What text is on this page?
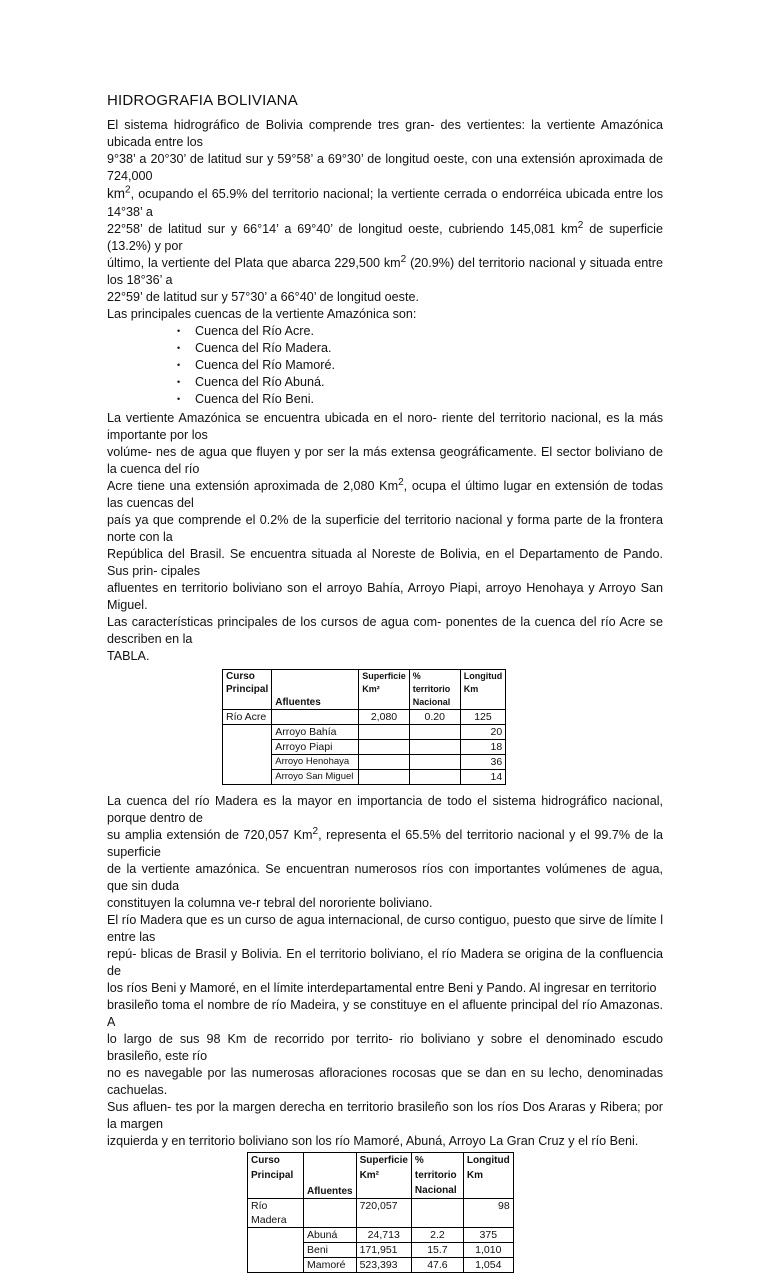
HIDROGRAFIA BOLIVIANA

El sistema hidrográfico de Bolivia comprende tres gran- des vertientes: la vertiente Amazónica ubicada entre los

9°38’ a 20°30’ de latitud sur y 59°58’ a 69°30’ de longitud oeste, con una extensión aproximada de 724,000

$km^2$, ocupando el 65.9% del territorio nacional; la vertiente cerrada o endorréica ubicada entre los 14°38’ a

22°58’ de latitud sur y 66°14’ a 69°40’ de longitud oeste, cubriendo 145,081 $km^2$ de superficie (13.2%) y por

último, la vertiente del Plata que abarca 229,500 $km^2$ (20.9%) del territorio nacional y situada entre los 18°36’ a

22°59’ de latitud sur y 57°30’ a 66°40’ de longitud oeste.

Las principales cuencas de la vertiente Amazónica son:

• Cuenca del Río Acre.
• Cuenca del Río Madera.
• Cuenca del Río Mamoré.
• Cuenca del Río Abuná.
• Cuenca del Río Beni.

La vertiente Amazónica se encuentra ubicada en el noro- riente del territorio nacional, es la más importante por los

volúme- nes de agua que fluyen y por ser la más extensa geográficamente. El sector boliviano de la cuenca del río

Acre tiene una extensión aproximada de 2,080 Km$^2$, ocupa el último lugar en extensión de todas las cuencas del

país ya que comprende el 0.2% de la superficie del territorio nacional y forma parte de la frontera norte con la

República del Brasil. Se encuentra situada al Noreste de Bolivia, en el Departamento de Pando. Sus prin- cipales

afluentes en territorio boliviano son el arroyo Bahía, Arroyo Piapi, arroyo Henohaya y Arroyo San Miguel.

Las características principales de los cursos de agua com- ponentes de la cuenca del río Acre se describen en la

TABLA.

Curso Principal	Afluentes	Superficie Km²	% territorio Nacional	Longitud Km
Río Acre		2,080	0.20	125
	Arroyo Bahía			20
	Arroyo Piapi			18
	Arroyo Henohaya			36
	Arroyo San Miguel			14

La cuenca del río Madera es la mayor en importancia de todo el sistema hidrográfico nacional, porque dentro de

su amplia extensión de 720,057 Km$^2$, representa el 65.5% del territorio nacional y el 99.7% de la superficie

de la vertiente amazónica. Se encuentran numerosos ríos con importantes volúmenes de agua, que sin duda

constituyen la columna ve-r tebral del nororiente boliviano.

El río Madera que es un curso de agua internacional, de curso contiguo, puesto que sirve de límite l entre las

repú- blicas de Brasil y Bolivia. En el territorio boliviano, el río Madera se origina de la confluencia de

los ríos Beni y Mamoré, en el límite interdepartamental entre Beni y Pando. Al ingresar en territorio

brasileño toma el nombre de río Madeira, y se constituye en el afluente principal del río Amazonas. A

lo largo de sus 98 Km de recorrido por territo- rio boliviano y sobre el denominado escudo brasileño, este río

no es navegable por las numerosas afloraciones rocosas que se dan en su lecho, denominadas cachuelas.

Sus afluen- tes por la margen derecha en territorio brasileño son los ríos Dos Araras y Ribera; por la margen

izquierda y en territorio boliviano son los río Mamoré, Abuná, Arroyo La Gran Cruz y el río Beni.

Curso Principal	Afluentes	Superficie Km²	% territorio Nacional	Longitud Km
Río Madera		720,057		98
	Abuná	24,713	2.2	375
	Beni	171,951	15.7	1,010
	Mamoré	523,393	47.6	1,054
